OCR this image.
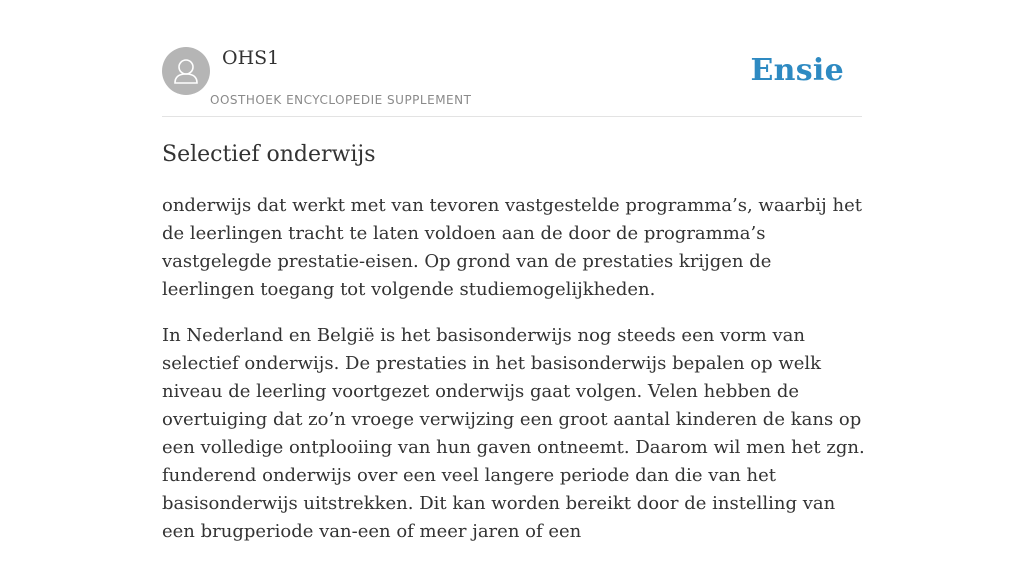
OHS1
OOSTHOEK ENCYCLOPEDIE SUPPLEMENT
Ensie
Selectief onderwijs

onderwijs dat werkt met van tevoren vastgestelde programma’s, waarbij het de leerlingen tracht te laten voldoen aan de door de programma’s vastgelegde prestatie-eisen. Op grond van de prestaties krijgen de leerlingen toegang tot volgende studiemogelijkheden.

In Nederland en België is het basisonderwijs nog steeds een vorm van selectief onderwijs. De prestaties in het basisonderwijs bepalen op welk niveau de leerling voortgezet onderwijs gaat volgen. Velen hebben de overtuiging dat zo’n vroege verwijzing een groot aantal kinderen de kans op een volledige ontplooiing van hun gaven ontneemt. Daarom wil men het zgn. funderend onderwijs over een veel langere periode dan die van het basisonderwijs uitstrekken. Dit kan worden bereikt door de instelling van een brugperiode van-een of meer jaren of een
